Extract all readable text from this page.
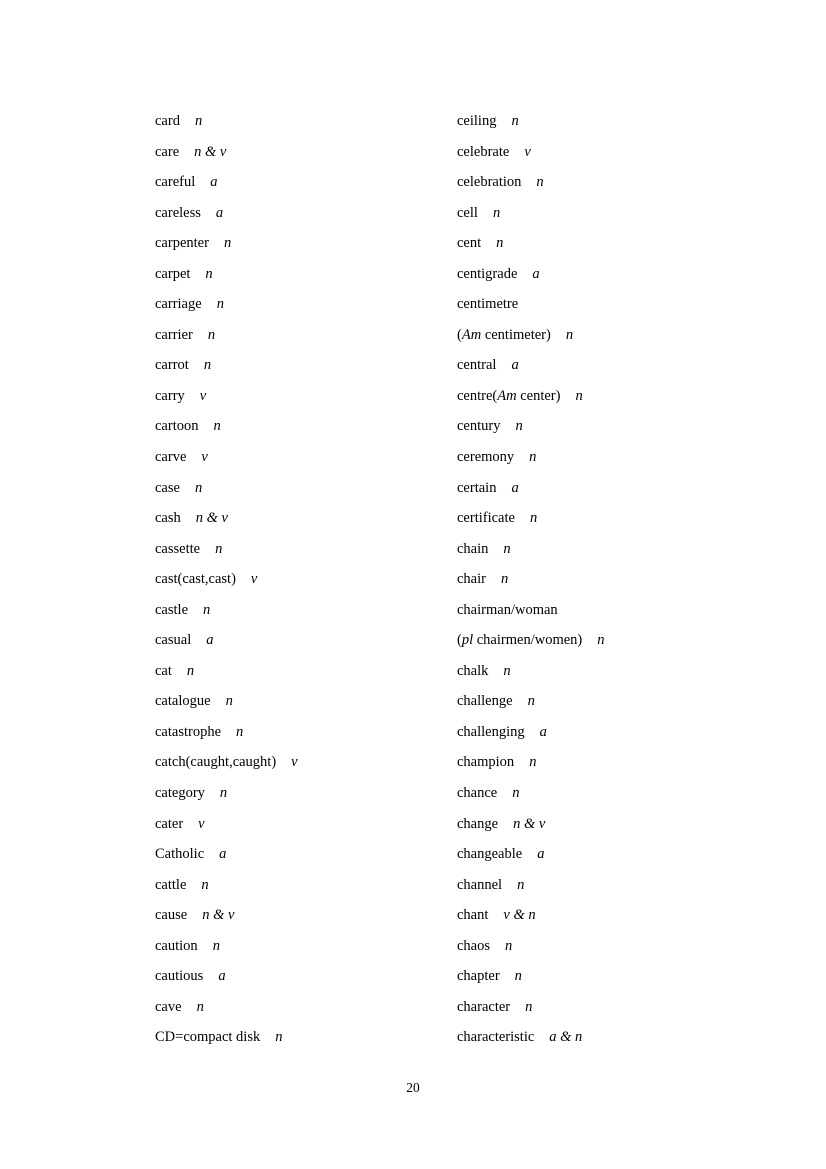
card n
care n & v
careful a
careless a
carpenter n
carpet n
carriage n
carrier n
carrot n
carry v
cartoon n
carve v
case n
cash n & v
cassette n
cast(cast,cast) v
castle n
casual a
cat n
catalogue n
catastrophe n
catch(caught,caught) v
category n
cater v
Catholic a
cattle n
cause n & v
caution n
cautious a
cave n
CD=compact disk n
ceiling n
celebrate v
celebration n
cell n
cent n
centigrade a
centimetre
(Am centimeter) n
central a
centre(Am center) n
century n
ceremony n
certain a
certificate n
chain n
chair n
chairman/woman
(pl chairmen/women) n
chalk n
challenge n
challenging a
champion n
chance n
change n & v
changeable a
channel n
chant v & n
chaos n
chapter n
character n
characteristic a & n
20
